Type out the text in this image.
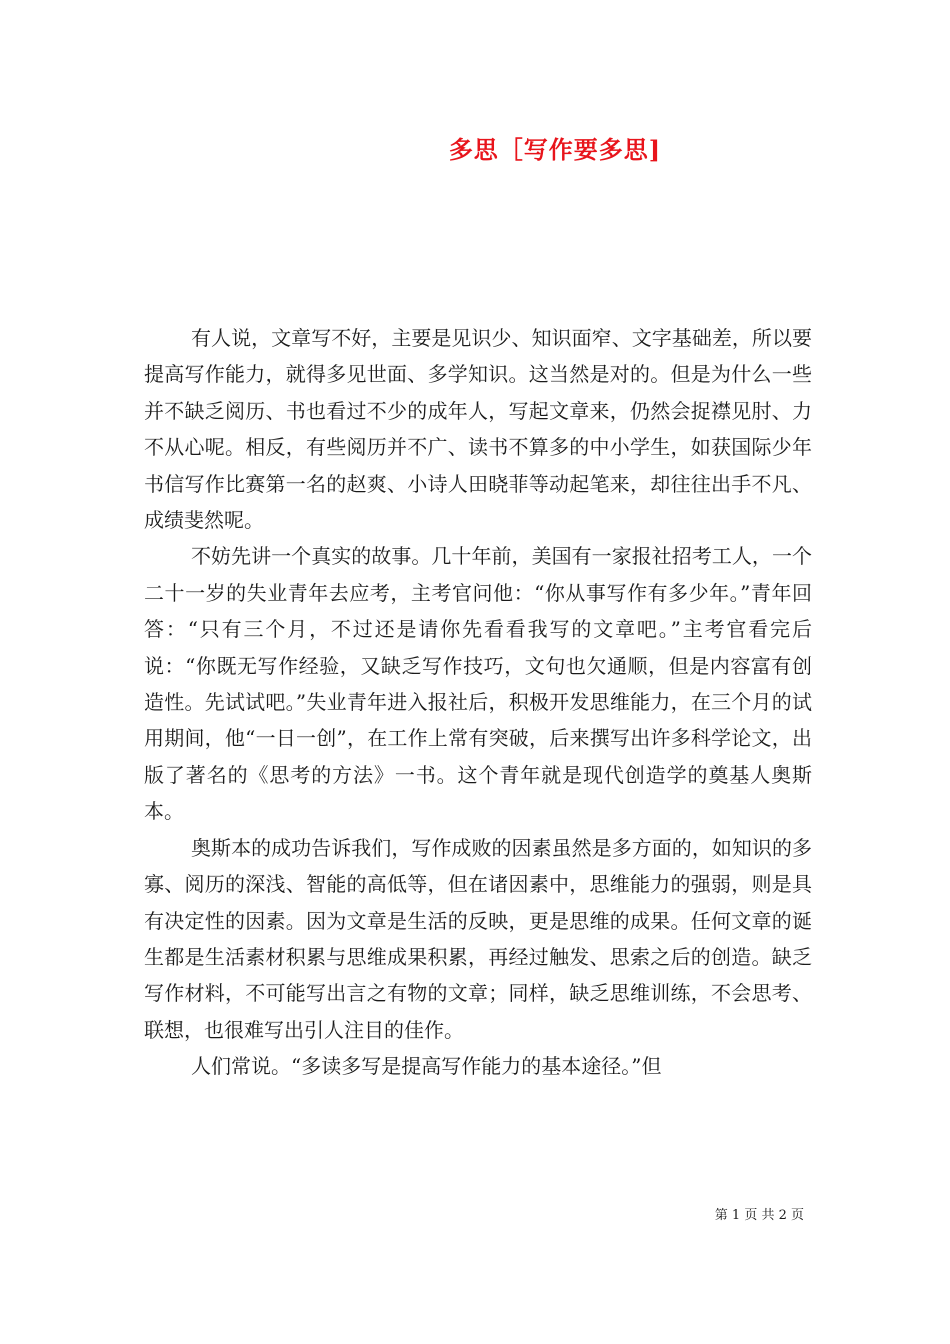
多思［写作要多思]

有人说，文章写不好，主要是见识少、知识面窄、文字基础差，所以要提高写作能力，就得多见世面、多学知识。这当然是对的。但是为什么一些并不缺乏阅历、书也看过不少的成年人，写起文章来，仍然会捉襟见肘、力不从心呢。相反，有些阅历并不广、读书不算多的中小学生，如获国际少年书信写作比赛第一名的赵爽、小诗人田晓菲等动起笔来，却往往出手不凡、成绩斐然呢。

不妨先讲一个真实的故事。几十年前，美国有一家报社招考工人，一个二十一岁的失业青年去应考，主考官问他：“你从事写作有多少年。”青年回答：“只有三个月，不过还是请你先看看我写的文章吧。”主考官看完后说：“你既无写作经验，又缺乏写作技巧，文句也欠通顺，但是内容富有创造性。先试试吧。”失业青年进入报社后，积极开发思维能力，在三个月的试用期间，他“一日一创”，在工作上常有突破，后来撰写出许多科学论文，出版了著名的《思考的方法》一书。这个青年就是现代创造学的奠基人奥斯本。

奥斯本的成功告诉我们，写作成败的因素虽然是多方面的，如知识的多寡、阅历的深浅、智能的高低等，但在诸因素中，思维能力的强弱，则是具有决定性的因素。因为文章是生活的反映，更是思维的成果。任何文章的诞生都是生活素材积累与思维成果积累，再经过触发、思索之后的创造。缺乏写作材料，不可能写出言之有物的文章；同样，缺乏思维训练，不会思考、联想，也很难写出引人注目的佳作。

人们常说。“多读多写是提高写作能力的基本途径。”但

第 1 页 共 2 页
